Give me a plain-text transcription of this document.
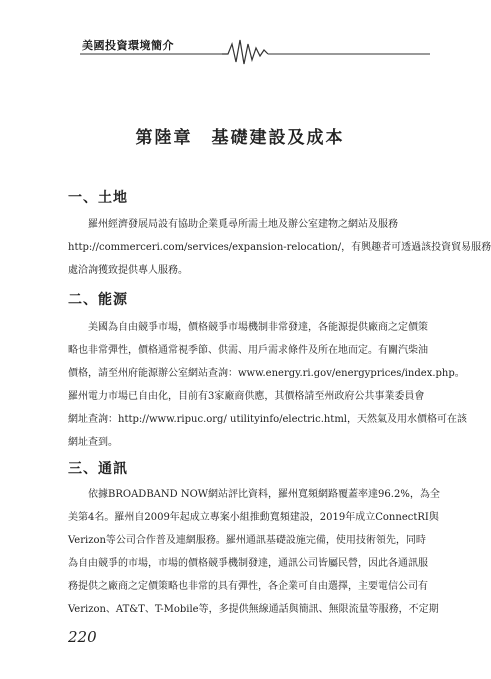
美國投資環境簡介
第陸章　基礎建設及成本
一、土地
　　羅州經濟發展局設有協助企業覓尋所需土地及辦公室建物之網站及服務
http://commerceri.com/services/expansion-relocation/，有興趣者可透過該投資貿易服務
處洽詢獲致提供專人服務。
二、能源
　　美國為自由競爭市場，價格競爭市場機制非常發達，各能源提供廠商之定價策
略也非常彈性，價格通常視季節、供需、用戶需求條件及所在地而定。有關汽柴油
價格，請至州府能源辦公室網站查詢：www.energy.ri.gov/energyprices/index.php。
羅州電力市場已自由化，目前有3家廠商供應，其價格請至州政府公共事業委員會
網址查詢：http://www.ripuc.org/ utilityinfo/electric.html，天然氣及用水價格可在該
網址查到。
三、通訊
　　依據BROADBAND NOW網站評比資料，羅州寬頻網路覆蓋率達96.2%，為全
美第4名。羅州自2009年起成立專案小組推動寬頻建設，2019年成立ConnectRI與
Verizon等公司合作普及連網服務。羅州通訊基礎設施完備，使用技術領先，同時
為自由競爭的市場，市場的價格競爭機制發達，通訊公司皆屬民營，因此各通訊服
務提供之廠商之定價策略也非常的具有彈性，各企業可自由選擇，主要電信公司有
Verizon、AT&T、T-Mobile等，多提供無線通話與簡訊、無限流量等服務，不定期
220
